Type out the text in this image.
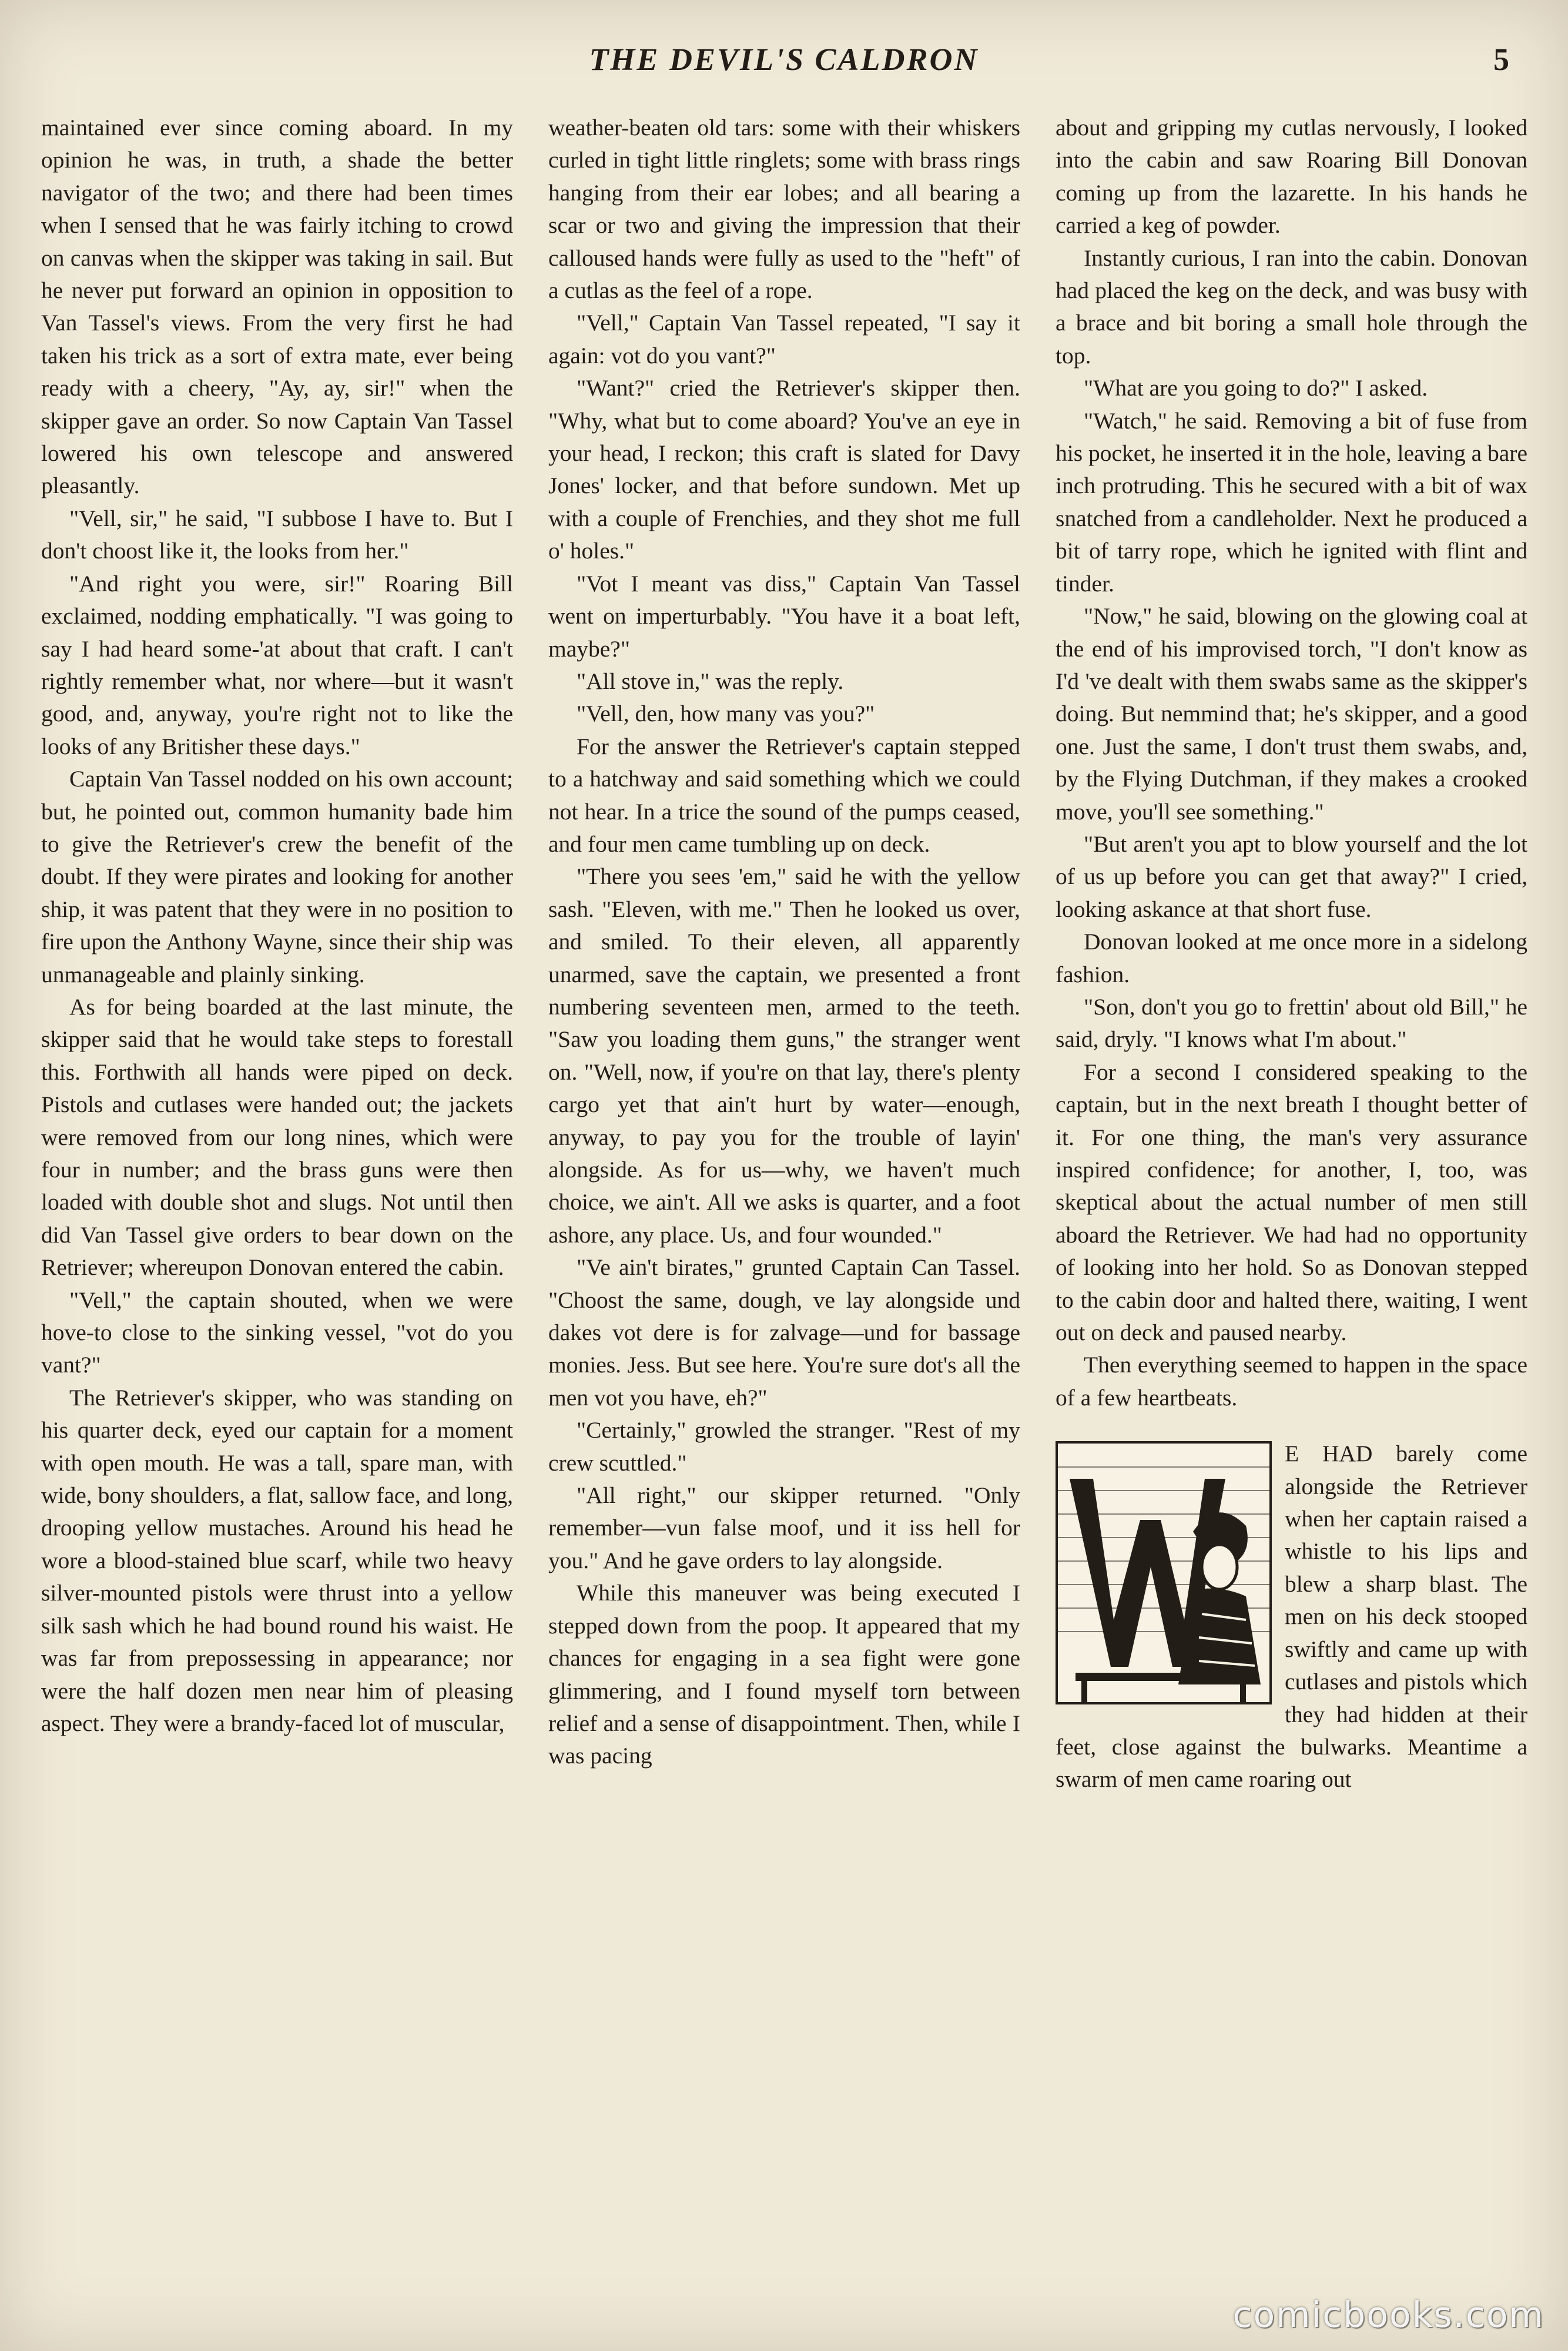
THE DEVIL'S CALDRON	5

maintained ever since coming aboard. In my opinion he was, in truth, a shade the better navigator of the two; and there had been times when I sensed that he was fairly itching to crowd on canvas when the skipper was taking in sail. But he never put forward an opinion in opposition to Van Tassel's views. From the very first he had taken his trick as a sort of extra mate, ever being ready with a cheery, "Ay, ay, sir!" when the skipper gave an order. So now Captain Van Tassel lowered his own telescope and answered pleasantly.

"Vell, sir," he said, "I subbose I have to. But I don't choost like it, the looks from her."

"And right you were, sir!" Roaring Bill exclaimed, nodding emphatically. "I was going to say I had heard some-'at about that craft. I can't rightly remember what, nor where—but it wasn't good, and, anyway, you're right not to like the looks of any Britisher these days."

Captain Van Tassel nodded on his own account; but, he pointed out, common humanity bade him to give the Retriever's crew the benefit of the doubt. If they were pirates and looking for another ship, it was patent that they were in no position to fire upon the Anthony Wayne, since their ship was unmanageable and plainly sinking.

As for being boarded at the last minute, the skipper said that he would take steps to forestall this. Forthwith all hands were piped on deck. Pistols and cutlases were handed out; the jackets were removed from our long nines, which were four in number; and the brass guns were then loaded with double shot and slugs. Not until then did Van Tassel give orders to bear down on the Retriever; whereupon Donovan entered the cabin.

"Vell," the captain shouted, when we were hove-to close to the sinking vessel, "vot do you vant?"

The Retriever's skipper, who was standing on his quarter deck, eyed our captain for a moment with open mouth. He was a tall, spare man, with wide, bony shoulders, a flat, sallow face, and long, drooping yellow mustaches. Around his head he wore a blood-stained blue scarf, while two heavy silver-mounted pistols were thrust into a yellow silk sash which he had bound round his waist. He was far from prepossessing in appearance; nor were the half dozen men near him of pleasing aspect. They were a brandy-faced lot of muscular,

weather-beaten old tars: some with their whiskers curled in tight little ringlets; some with brass rings hanging from their ear lobes; and all bearing a scar or two and giving the impression that their calloused hands were fully as used to the "heft" of a cutlas as the feel of a rope.

"Vell," Captain Van Tassel repeated, "I say it again: vot do you vant?"

"Want?" cried the Retriever's skipper then. "Why, what but to come aboard? You've an eye in your head, I reckon; this craft is slated for Davy Jones' locker, and that before sundown. Met up with a couple of Frenchies, and they shot me full o' holes."

"Vot I meant vas diss," Captain Van Tassel went on imperturbably. "You have it a boat left, maybe?"

"All stove in," was the reply.

"Vell, den, how many vas you?"

For the answer the Retriever's captain stepped to a hatchway and said something which we could not hear. In a trice the sound of the pumps ceased, and four men came tumbling up on deck.

"There you sees 'em," said he with the yellow sash. "Eleven, with me." Then he looked us over, and smiled. To their eleven, all apparently unarmed, save the captain, we presented a front numbering seventeen men, armed to the teeth. "Saw you loading them guns," the stranger went on. "Well, now, if you're on that lay, there's plenty cargo yet that ain't hurt by water—enough, anyway, to pay you for the trouble of layin' alongside. As for us—why, we haven't much choice, we ain't. All we asks is quarter, and a foot ashore, any place. Us, and four wounded."

"Ve ain't birates," grunted Captain Can Tassel. "Choost the same, dough, ve lay alongside und dakes vot dere is for zalvage—und for bassage monies. Jess. But see here. You're sure dot's all the men vot you have, eh?"

"Certainly," growled the stranger. "Rest of my crew scuttled."

"All right," our skipper returned. "Only remember—vun false moof, und it iss hell for you." And he gave orders to lay alongside.

While this maneuver was being executed I stepped down from the poop. It appeared that my chances for engaging in a sea fight were gone glimmering, and I found myself torn between relief and a sense of disappointment. Then, while I was pacing

about and gripping my cutlas nervously, I looked into the cabin and saw Roaring Bill Donovan coming up from the lazarette. In his hands he carried a keg of powder.

Instantly curious, I ran into the cabin. Donovan had placed the keg on the deck, and was busy with a brace and bit boring a small hole through the top.

"What are you going to do?" I asked.

"Watch," he said. Removing a bit of fuse from his pocket, he inserted it in the hole, leaving a bare inch protruding. This he secured with a bit of wax snatched from a candleholder. Next he produced a bit of tarry rope, which he ignited with flint and tinder.

"Now," he said, blowing on the glowing coal at the end of his improvised torch, "I don't know as I'd 've dealt with them swabs same as the skipper's doing. But nemmind that; he's skipper, and a good one. Just the same, I don't trust them swabs, and, by the Flying Dutchman, if they makes a crooked move, you'll see something."

"But aren't you apt to blow yourself and the lot of us up before you can get that away?" I cried, looking askance at that short fuse.

Donovan looked at me once more in a sidelong fashion.

"Son, don't you go to frettin' about old Bill," he said, dryly. "I knows what I'm about."

For a second I considered speaking to the captain, but in the next breath I thought better of it. For one thing, the man's very assurance inspired confidence; for another, I, too, was skeptical about the actual number of men still aboard the Retriever. We had had no opportunity of looking into her hold. So as Donovan stepped to the cabin door and halted there, waiting, I went out on deck and paused nearby.

Then everything seemed to happen in the space of a few heartbeats.

E HAD barely come alongside the Retriever when her captain raised a whistle to his lips and blew a sharp blast. The men on his deck stooped swiftly and came up with cutlases and pistols which they had hidden at their feet, close against the bulwarks. Meantime a swarm of men came roaring out

comicbooks.com
